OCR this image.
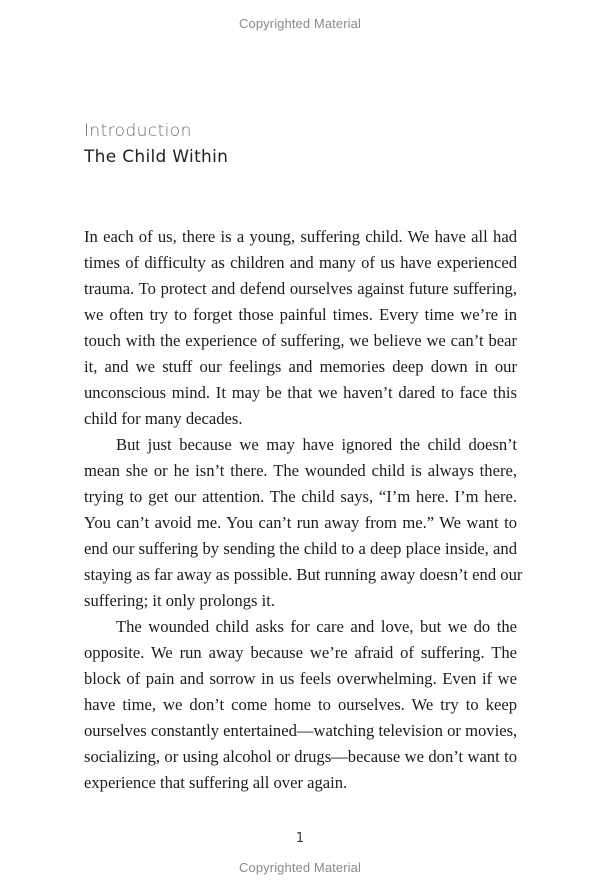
Copyrighted Material
Introduction
The Child Within

In each of us, there is a young, suffering child. We have all had
times of difficulty as children and many of us have experienced
trauma. To protect and defend ourselves against future suffering,
we often try to forget those painful times. Every time we’re in
touch with the experience of suffering, we believe we can’t bear
it, and we stuff our feelings and memories deep down in our
unconscious mind. It may be that we haven’t dared to face this
child for many decades.

But just because we may have ignored the child doesn’t
mean she or he isn’t there. The wounded child is always there,
trying to get our attention. The child says, “I’m here. I’m here.
You can’t avoid me. You can’t run away from me.” We want to
end our suffering by sending the child to a deep place inside, and
staying as far away as possible. But running away doesn’t end our
suffering; it only prolongs it.

The wounded child asks for care and love, but we do the
opposite. We run away because we’re afraid of suffering. The
block of pain and sorrow in us feels overwhelming. Even if we
have time, we don’t come home to ourselves. We try to keep
ourselves constantly entertained—watching television or movies,
socializing, or using alcohol or drugs—because we don’t want to
experience that suffering all over again.

1
Copyrighted Material
